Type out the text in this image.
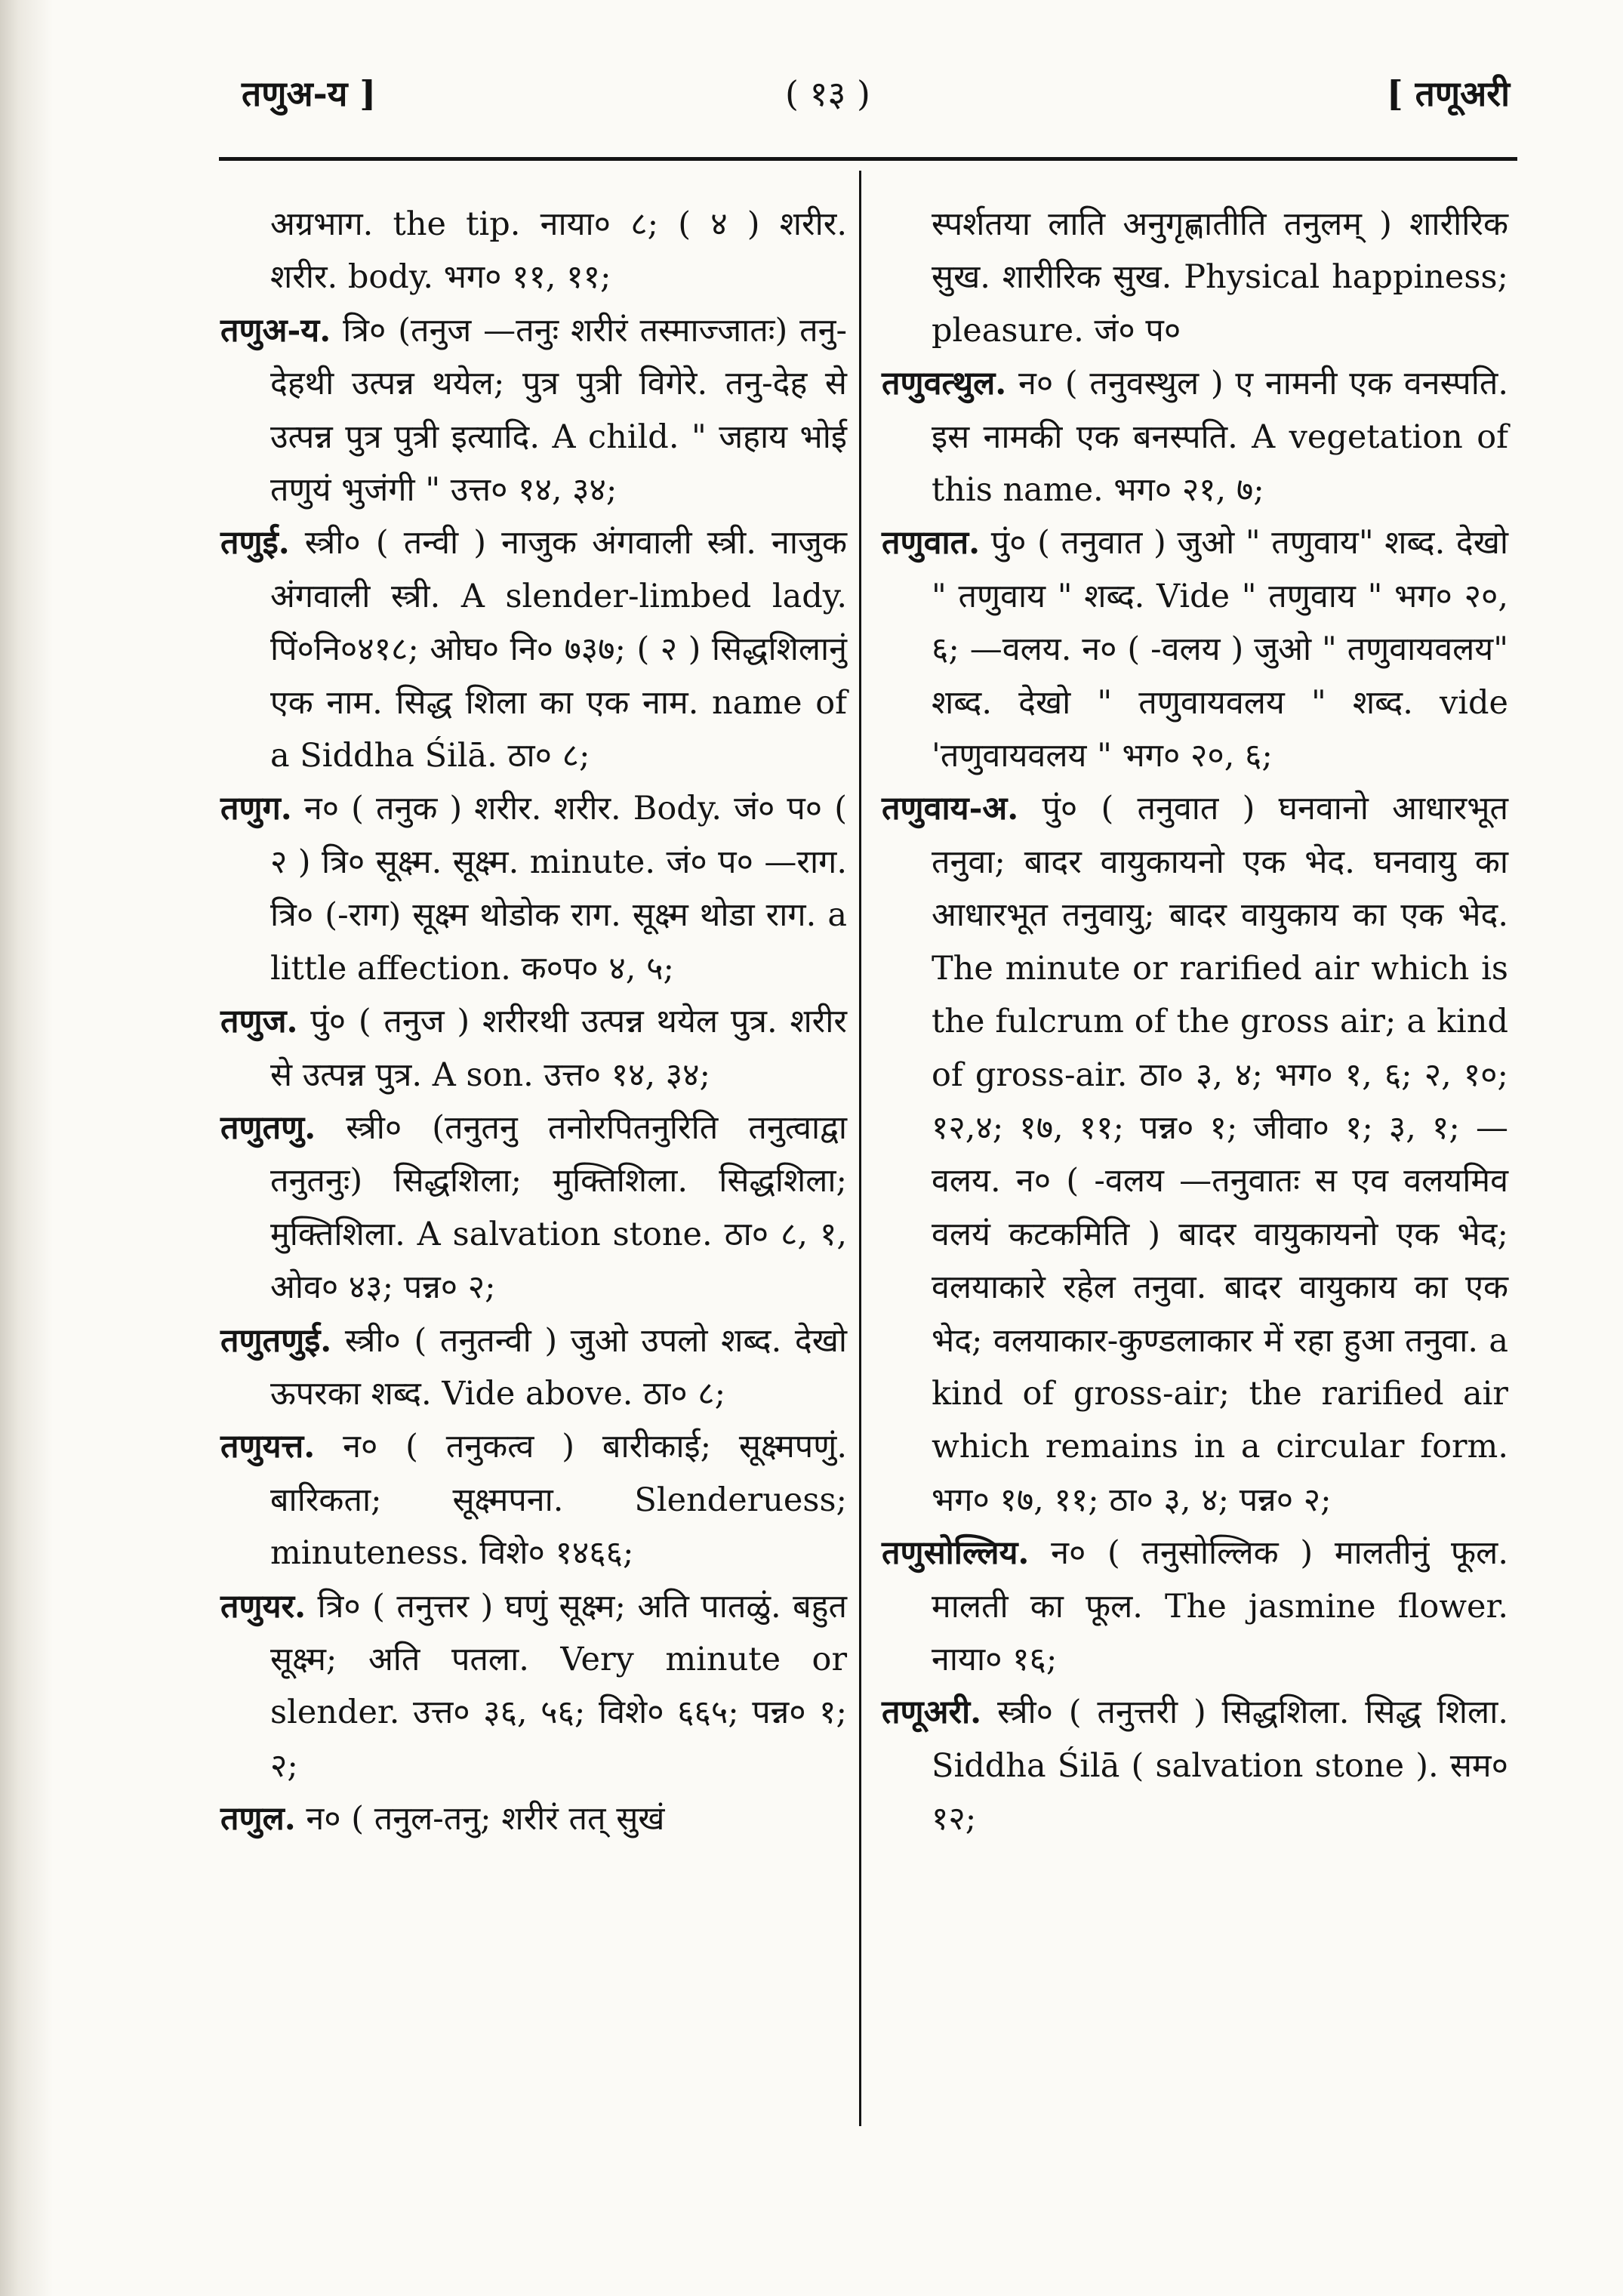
तणुअ-य ]	( १३ )	[ तणूअरी

अग्रभाग. the tip. नाया० ८; ( ४ ) शरीर. शरीर. body. भग० ११, ११;

तणुअ-य. त्रि० (तनुज —तनुः शरीरं तस्माज्जातः) तनु-देहथी उत्पन्न थयेल; पुत्र पुत्री विगेरे. तनु-देह से उत्पन्न पुत्र पुत्री इत्यादि. A child. " जहाय भोई तणुयं भुजंगी " उत्त० १४, ३४;

तणुई. स्त्री० ( तन्वी ) नाजुक अंगवाली स्त्री. नाजुक अंगवाली स्त्री. A slender-limbed lady. पिं०नि०४१८; ओघ० नि० ७३७; ( २ ) सिद्धशिलानुं एक नाम. सिद्ध शिला का एक नाम. name of a Siddha Śilā. ठा० ८;

तणुग. न० ( तनुक ) शरीर. शरीर. Body. जं० प० ( २ ) त्रि० सूक्ष्म. सूक्ष्म. minute. जं० प० —राग. त्रि० (-राग) सूक्ष्म थोडोक राग. सूक्ष्म थोडा राग. a little affection. क०प० ४, ५;

तणुज. पुं० ( तनुज ) शरीरथी उत्पन्न थयेल पुत्र. शरीर से उत्पन्न पुत्र. A son. उत्त० १४, ३४;

तणुतणु. स्त्री० (तनुतनु तनोरपितनुरिति तनुत्वाद्वा तनुतनुः) सिद्धशिला; मुक्तिशिला. सिद्धशिला; मुक्तिशिला. A salvation stone. ठा० ८, १, ओव० ४३; पन्न० २;

तणुतणुई. स्त्री० ( तनुतन्वी ) जुओ उपलो शब्द. देखो ऊपरका शब्द. Vide above. ठा० ८;

तणुयत्त. न० ( तनुकत्व ) बारीकाई; सूक्ष्मपणुं. बारिकता; सूक्ष्मपना. Slenderuess; minuteness. विशे० १४६६;

तणुयर. त्रि० ( तनुत्तर ) घणुं सूक्ष्म; अति पातळुं. बहुत सूक्ष्म; अति पतला. Very minute or slender. उत्त० ३६, ५६; विशे० ६६५; पन्न० १; २;

तणुल. न० ( तनुल-तनु; शरीरं तत् सुखं

स्पर्शतया लाति अनुगृह्णातीति तनुलम् ) शारीरिक सुख. शारीरिक सुख. Physical happiness; pleasure. जं० प०

तणुवत्थुल. न० ( तनुवस्थुल ) ए नामनी एक वनस्पति. इस नामकी एक बनस्पति. A vegetation of this name. भग० २१, ७;

तणुवात. पुं० ( तनुवात ) जुओ " तणुवाय" शब्द. देखो " तणुवाय " शब्द. Vide " तणुवाय " भग० २०, ६; —वलय. न० ( -वलय ) जुओ " तणुवायवलय" शब्द. देखो " तणुवायवलय " शब्द. vide 'तणुवायवलय " भग० २०, ६;

तणुवाय-अ. पुं० ( तनुवात ) घनवानो आधारभूत तनुवा; बादर वायुकायनो एक भेद. घनवायु का आधारभूत तनुवायु; बादर वायुकाय का एक भेद. The minute or rarified air which is the fulcrum of the gross air; a kind of gross-air. ठा० ३, ४; भग० १, ६; २, १०; १२,४; १७, ११; पन्न० १; जीवा० १; ३, १; —वलय. न० ( -वलय —तनुवातः स एव वलयमिव वलयं कटकमिति ) बादर वायुकायनो एक भेद; वलयाकारे रहेल तनुवा. बादर वायुकाय का एक भेद; वलयाकार-कुण्डलाकार में रहा हुआ तनुवा. a kind of gross-air; the rarified air which remains in a circular form. भग० १७, ११; ठा० ३, ४; पन्न० २;

तणुसोल्लिय. न० ( तनुसोल्लिक ) मालतीनुं फूल. मालती का फूल. The jasmine flower. नाया० १६;

तणूअरी. स्त्री० ( तनुत्तरी ) सिद्धशिला. सिद्ध शिला. Siddha Śilā ( salvation stone ). सम० १२;
